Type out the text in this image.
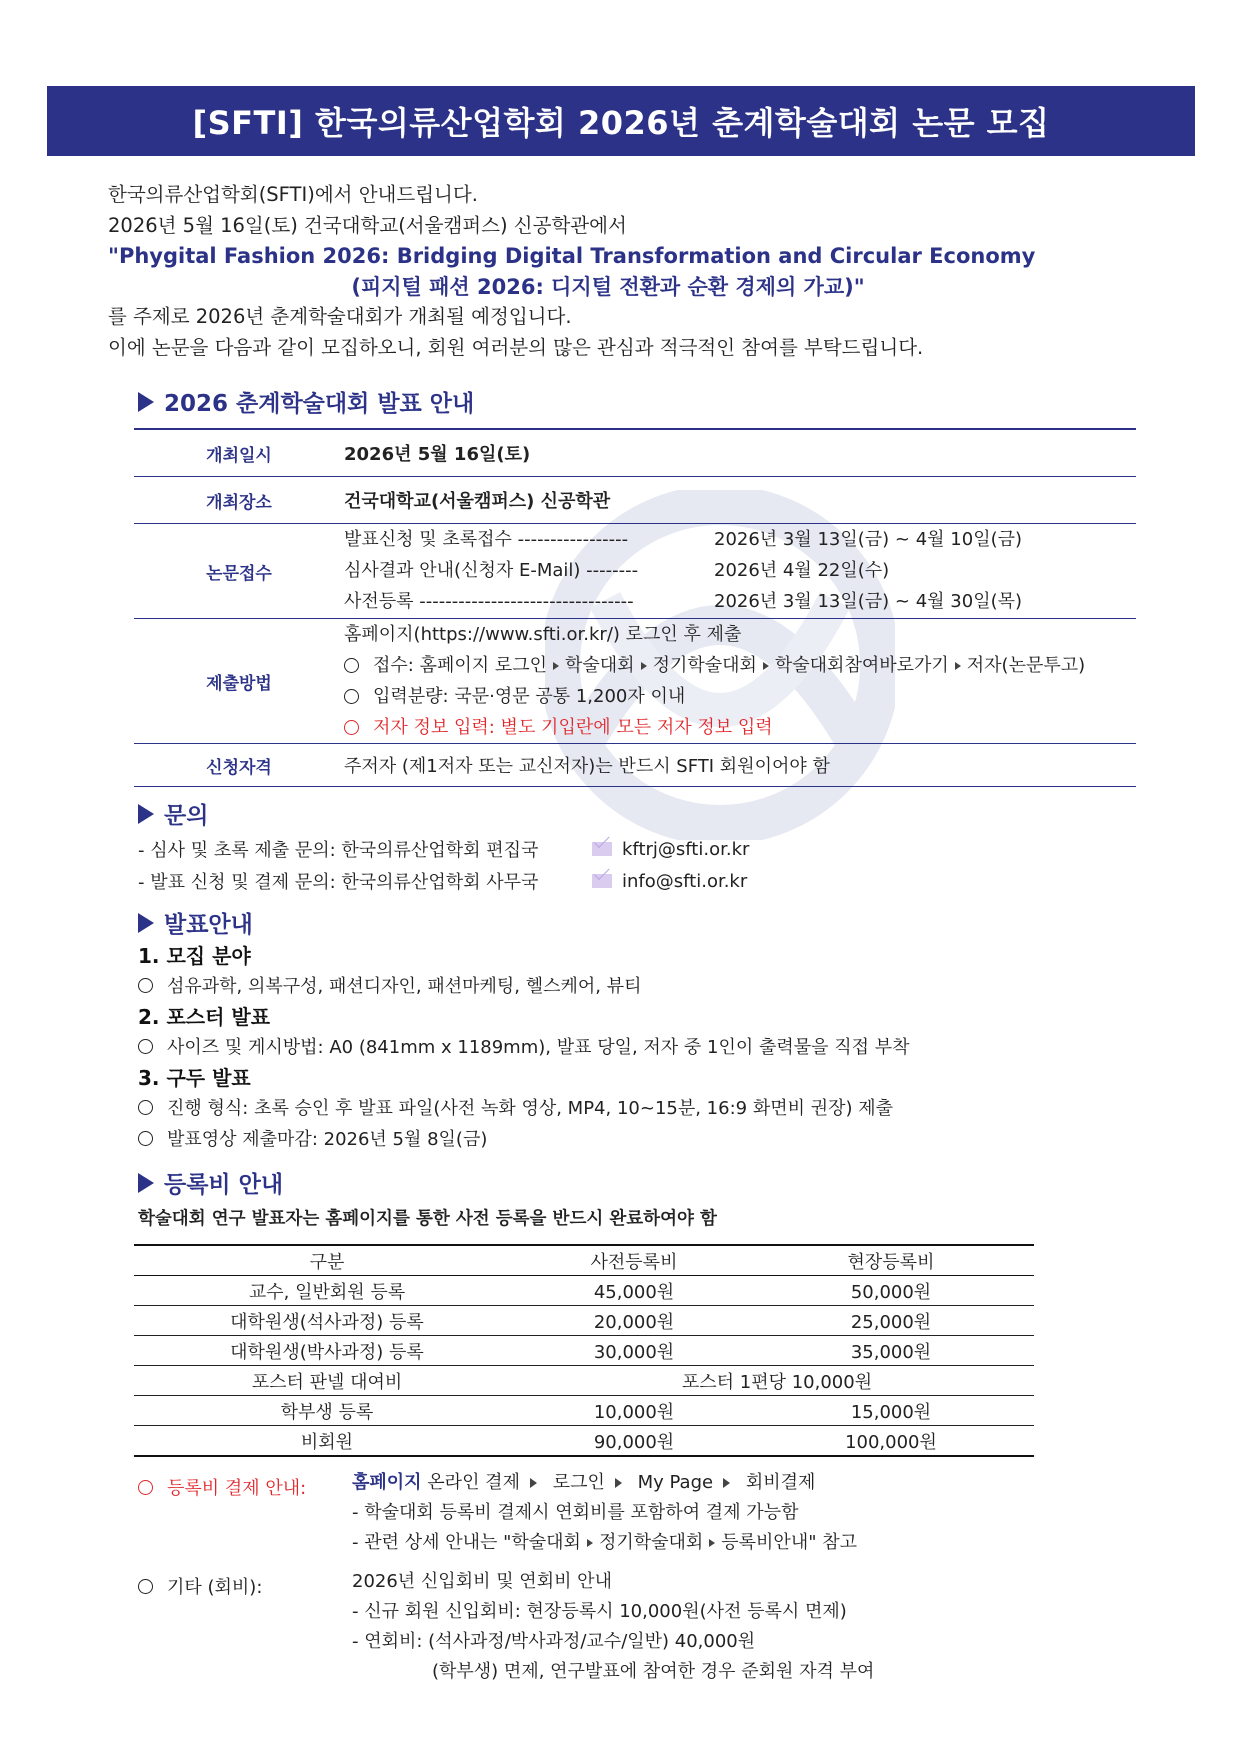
[SFTI] 한국의류산업학회 2026년 춘계학술대회 논문 모집
한국의류산업학회(SFTI)에서 안내드립니다.
2026년 5월 16일(토) 건국대학교(서울캠퍼스) 신공학관에서
"Phygital Fashion 2026: Bridging Digital Transformation and Circular Economy
(피지털 패션 2026: 디지털 전환과 순환 경제의 가교)"
를 주제로 2026년 춘계학술대회가 개최될 예정입니다.
이에 논문을 다음과 같이 모집하오니, 회원 여러분의 많은 관심과 적극적인 참여를 부탁드립니다.
2026 춘계학술대회 발표 안내
개최일시	2026년 5월 16일(토)
개최장소	건국대학교(서울캠퍼스) 신공학관
논문접수
발표신청 및 초록접수 -----------------	2026년 3월 13일(금) ~ 4월 10일(금)
심사결과 안내(신청자 E-Mail) --------	2026년 4월 22일(수)
사전등록 ---------------------------------	2026년 3월 13일(금) ~ 4월 30일(목)
제출방법
홈페이지(https://www.sfti.or.kr/) 로그인 후 제출
접수: 홈페이지 로그인 학술대회 정기학술대회 학술대회참여바로가기 저자(논문투고)
입력분량: 국문·영문 공통 1,200자 이내
저자 정보 입력: 별도 기입란에 모든 저자 정보 입력
신청자격	주저자 (제1저자 또는 교신저자)는 반드시 SFTI 회원이어야 함
문의
- 심사 및 초록 제출 문의: 한국의류산업학회 편집국	kftrj@sfti.or.kr
- 발표 신청 및 결제 문의: 한국의류산업학회 사무국	info@sfti.or.kr
발표안내
1. 모집 분야
섬유과학, 의복구성, 패션디자인, 패션마케팅, 헬스케어, 뷰티
2. 포스터 발표
사이즈 및 게시방법: A0 (841mm x 1189mm), 발표 당일, 저자 중 1인이 출력물을 직접 부착
3. 구두 발표
진행 형식: 초록 승인 후 발표 파일(사전 녹화 영상, MP4, 10~15분, 16:9 화면비 권장) 제출
발표영상 제출마감: 2026년 5월 8일(금)
등록비 안내
학술대회 연구 발표자는 홈페이지를 통한 사전 등록을 반드시 완료하여야 함
구분	사전등록비	현장등록비
교수, 일반회원 등록	45,000원	50,000원
대학원생(석사과정) 등록	20,000원	25,000원
대학원생(박사과정) 등록	30,000원	35,000원
포스터 판넬 대여비	포스터 1편당 10,000원	
학부생 등록	10,000원	15,000원
비회원	90,000원	100,000원
등록비 결제 안내:	홈페이지 온라인 결제 로그인 My Page 회비결제
- 학술대회 등록비 결제시 연회비를 포함하여 결제 가능함
- 관련 상세 안내는 "학술대회 정기학술대회 등록비안내" 참고
기타 (회비):	2026년 신입회비 및 연회비 안내
- 신규 회원 신입회비: 현장등록시 10,000원(사전 등록시 면제)
- 연회비: (석사과정/박사과정/교수/일반) 40,000원
(학부생) 면제, 연구발표에 참여한 경우 준회원 자격 부여
